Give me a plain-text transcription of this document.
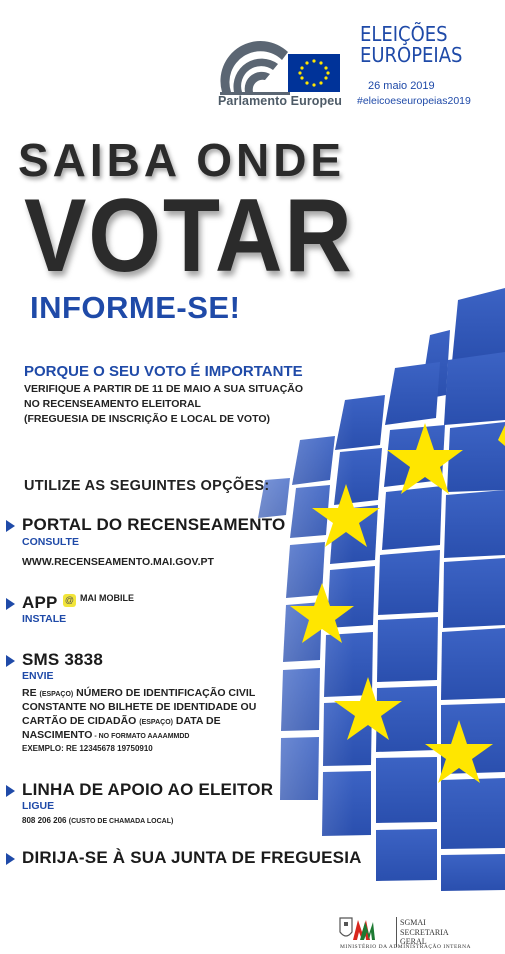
Parlamento Europeu
ELEIÇÕES
EUROPEIAS
26 maio 2019
#eleicoeseuropeias2019
SAIBA ONDE
VOTAR
INFORME-SE!
PORQUE O SEU VOTO É IMPORTANTE
VERIFIQUE A PARTIR DE 11 DE MAIO A SUA SITUAÇÃO
NO RECENSEAMENTO ELEITORAL
(FREGUESIA DE INSCRIÇÃO E LOCAL DE VOTO)
UTILIZE AS SEGUINTES OPÇÕES:
PORTAL DO RECENSEAMENTO
CONSULTE
WWW.RECENSEAMENTO.MAI.GOV.PT
APP @ MAI MOBILE
INSTALE
SMS 3838
ENVIE
RE (ESPAÇO) NÚMERO DE IDENTIFICAÇÃO CIVIL
CONSTANTE NO BILHETE DE IDENTIDADE OU
CARTÃO DE CIDADÃO (ESPAÇO) DATA DE
NASCIMENTO - NO FORMATO AAAAMMDD
EXEMPLO: RE 12345678 19750910
LINHA DE APOIO AO ELEITOR
LIGUE
808 206 206 (CUSTO DE CHAMADA LOCAL)
DIRIJA-SE À SUA JUNTA DE FREGUESIA
SGMAI
SECRETARIA
GERAL
MINISTÉRIO DA ADMINISTRAÇÃO INTERNA
